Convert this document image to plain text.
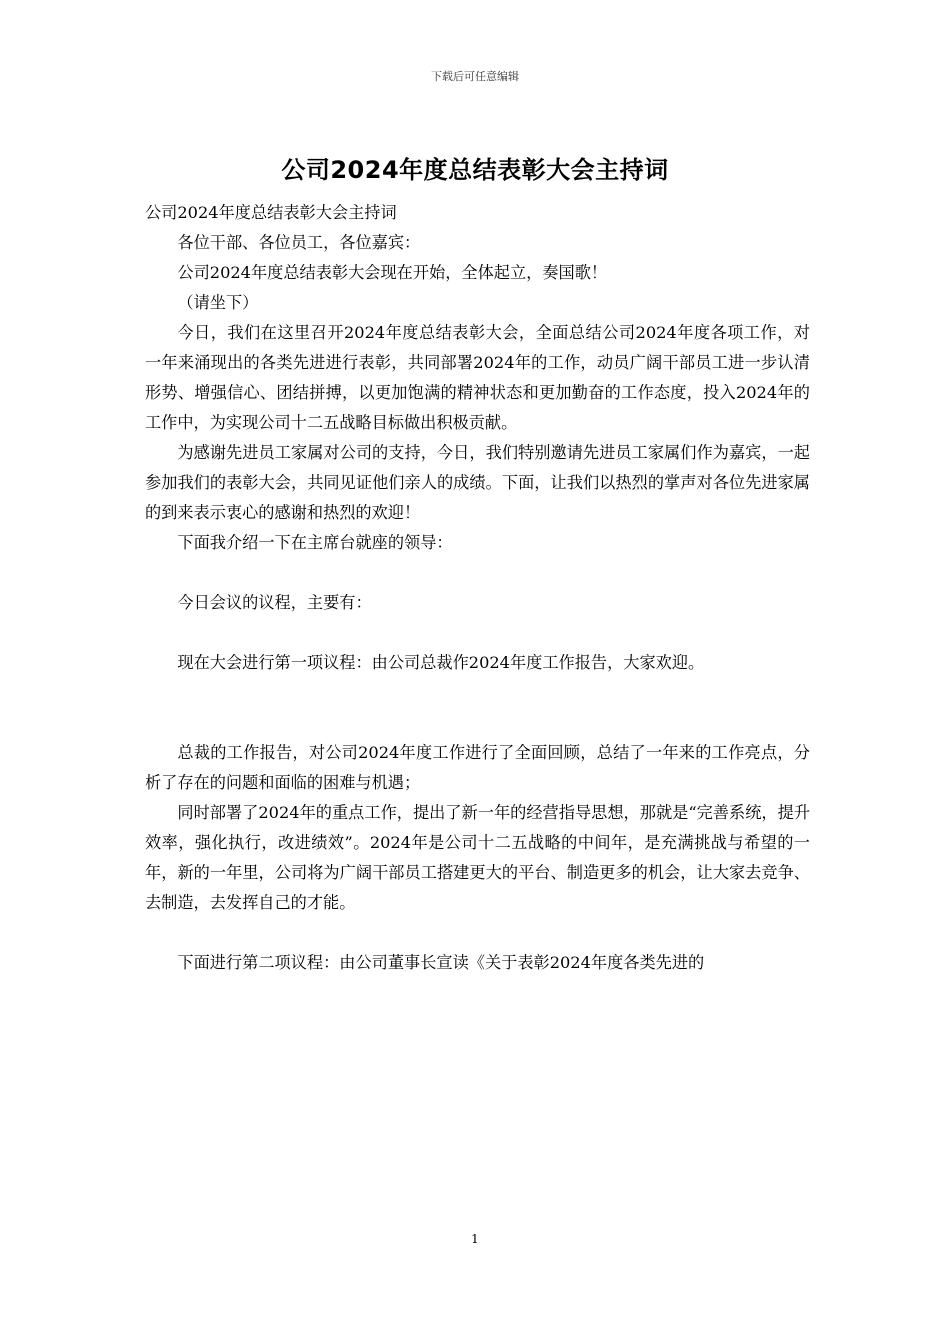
下载后可任意编辑
公司2024年度总结表彰大会主持词

公司2024年度总结表彰大会主持词

各位干部、各位员工，各位嘉宾：

公司2024年度总结表彰大会现在开始，全体起立，奏国歌！

（请坐下）

今日，我们在这里召开2024年度总结表彰大会，全面总结公司2024年度各项工作，对一年来涌现出的各类先进进行表彰，共同部署2024年的工作，动员广阔干部员工进一步认清形势、增强信心、团结拼搏，以更加饱满的精神状态和更加勤奋的工作态度，投入2024年的工作中，为实现公司十二五战略目标做出积极贡献。

为感谢先进员工家属对公司的支持，今日，我们特别邀请先进员工家属们作为嘉宾，一起参加我们的表彰大会，共同见证他们亲人的成绩。下面，让我们以热烈的掌声对各位先进家属的到来表示衷心的感谢和热烈的欢迎！

下面我介绍一下在主席台就座的领导：

今日会议的议程，主要有：

现在大会进行第一项议程：由公司总裁作2024年度工作报告，大家欢迎。

总裁的工作报告，对公司2024年度工作进行了全面回顾，总结了一年来的工作亮点，分析了存在的问题和面临的困难与机遇；

同时部署了2024年的重点工作，提出了新一年的经营指导思想，那就是“完善系统，提升效率，强化执行，改进绩效”。2024年是公司十二五战略的中间年，是充满挑战与希望的一年，新的一年里，公司将为广阔干部员工搭建更大的平台、制造更多的机会，让大家去竞争、去制造，去发挥自己的才能。

下面进行第二项议程：由公司董事长宣读《关于表彰2024年度各类先进的

1
